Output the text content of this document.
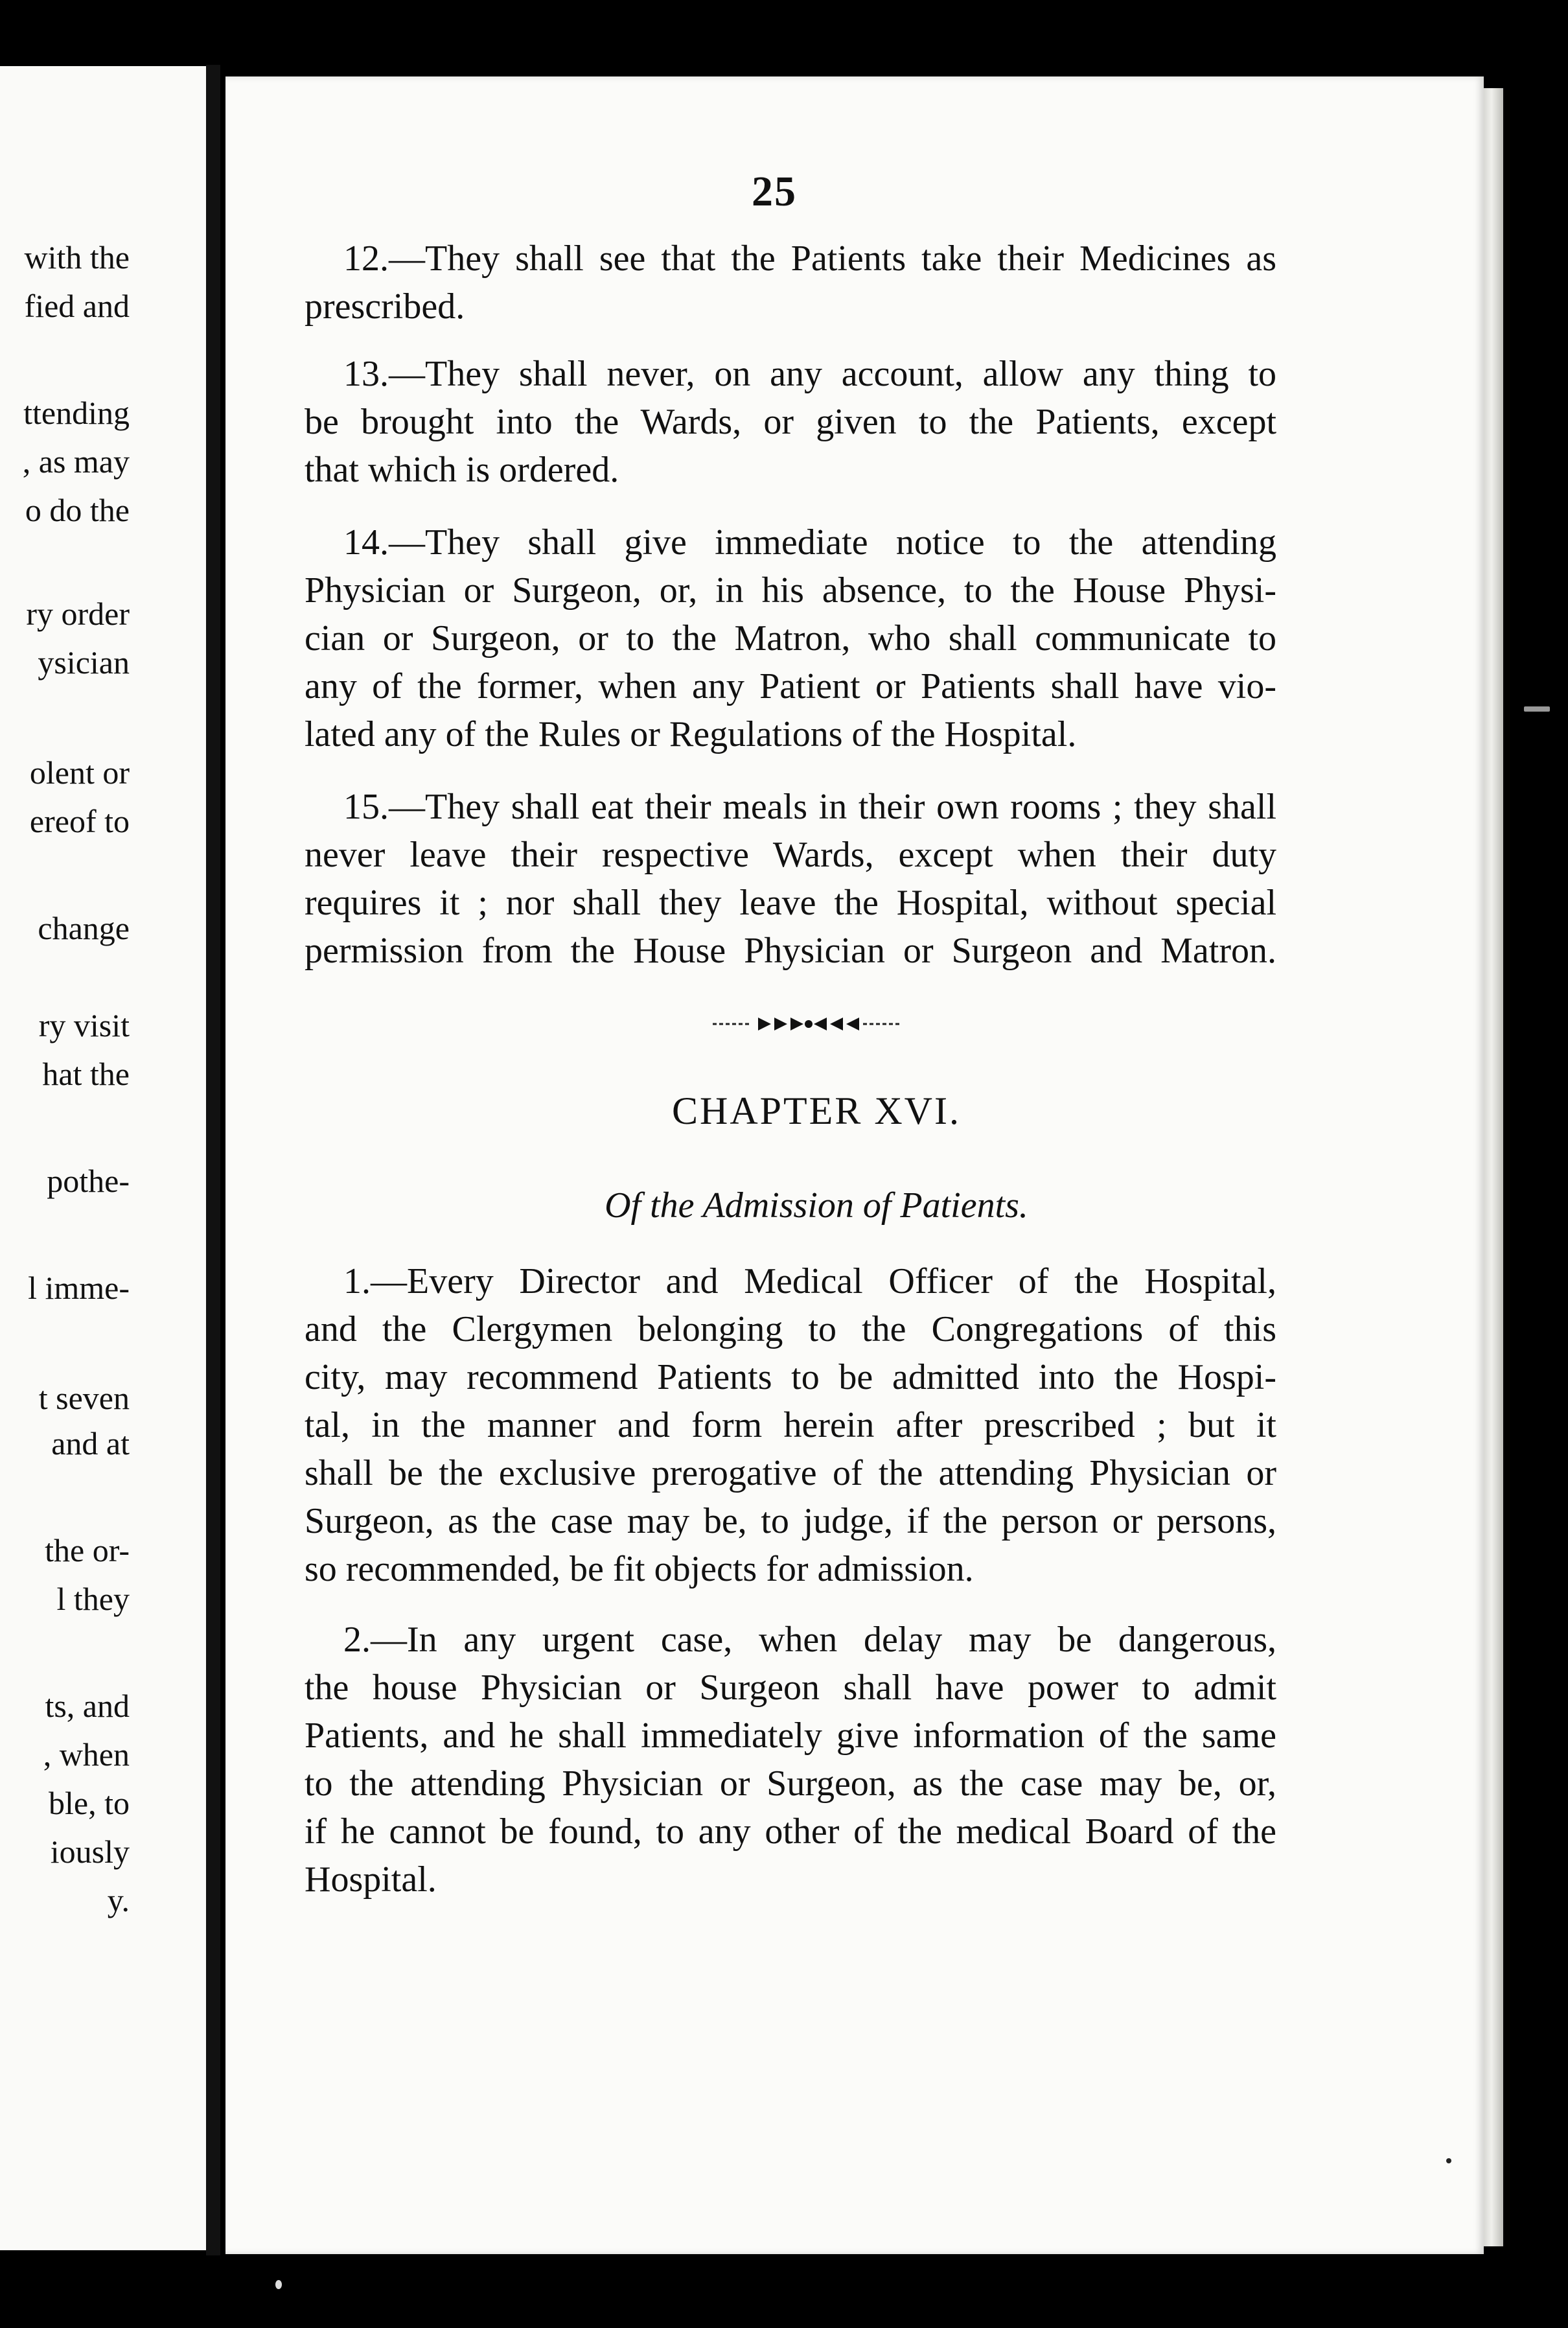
with the
fied and
ttending
, as may
o do the
ry order
ysician
olent or
ereof to
change
ry visit
hat the
pothe-
l imme-
t seven
and at
the or-
l they
ts, and
, when
ble, to
iously
y.
25
12.—They shall see that the Patients take their Medicines as
prescribed.
13.—They shall never, on any account, allow any thing to
be brought into the Wards, or given to the Patients, except
that which is ordered.
14.—They shall give immediate notice to the attending
Physician or Surgeon, or, in his absence, to the House Physi-
cian or Surgeon, or to the Matron, who shall communicate to
any of the former, when any Patient or Patients shall have vio-
lated any of the Rules or Regulations of the Hospital.
15.—They shall eat their meals in their own rooms ; they shall
never leave their respective Wards, except when their duty
requires it ; nor shall they leave the Hospital, without special
permission from the House Physician or Surgeon and Matron.
CHAPTER XVI.
Of the Admission of Patients.
1.—Every Director and Medical Officer of the Hospital,
and the Clergymen belonging to the Congregations of this
city, may recommend Patients to be admitted into the Hospi-
tal, in the manner and form herein after prescribed ; but it
shall be the exclusive prerogative of the attending Physician or
Surgeon, as the case may be, to judge, if the person or persons,
so recommended, be fit objects for admission.
2.—In any urgent case, when delay may be dangerous,
the house Physician or Surgeon shall have power to admit
Patients, and he shall immediately give information of the same
to the attending Physician or Surgeon, as the case may be, or,
if he cannot be found, to any other of the medical Board of the
Hospital.
